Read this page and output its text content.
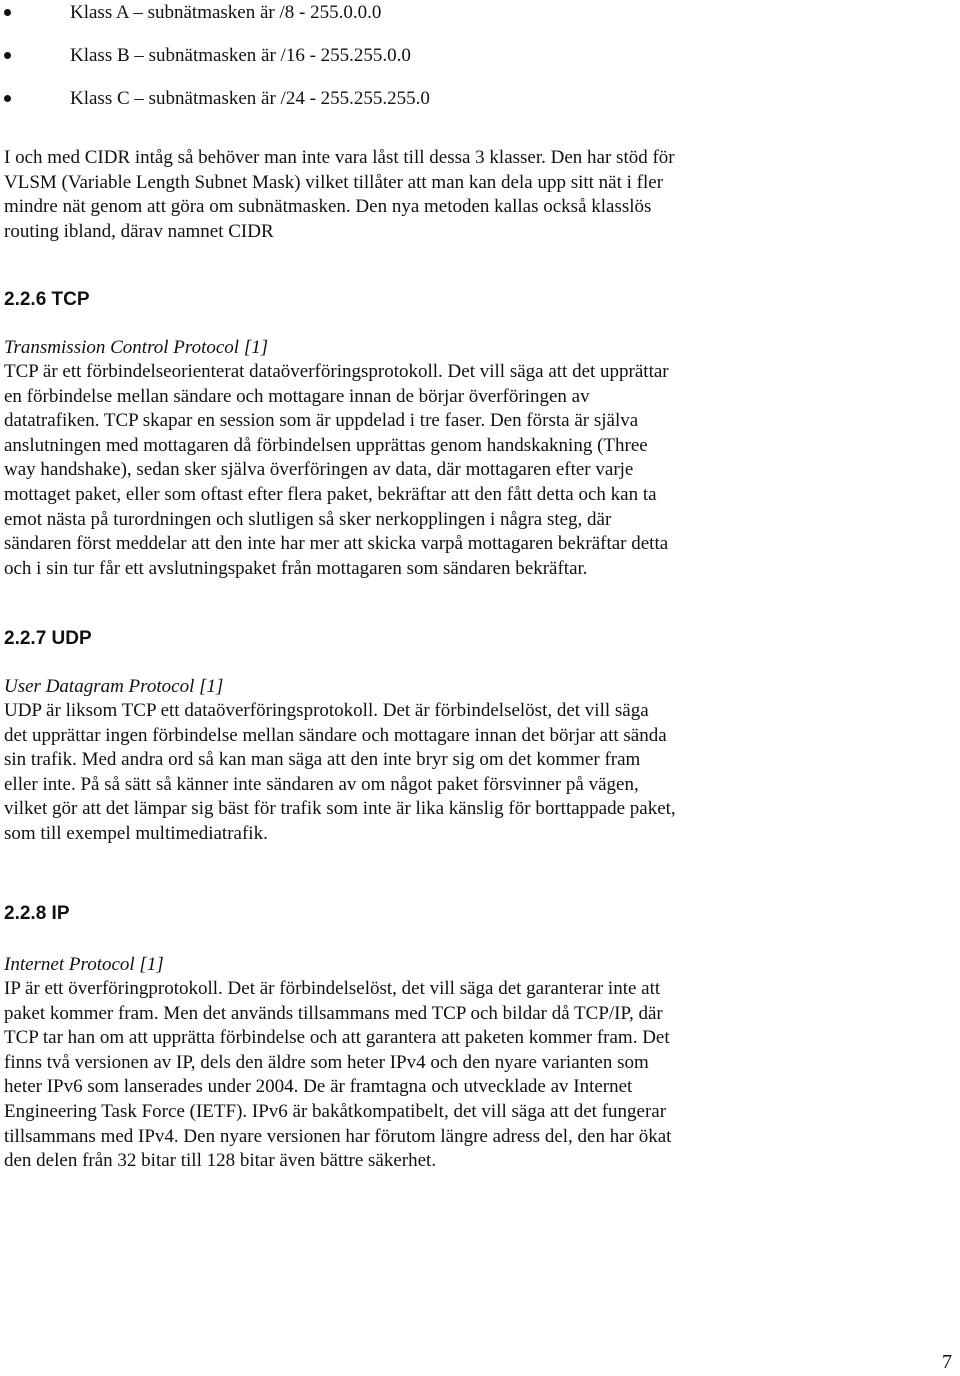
Klass A – subnätmasken är /8 - 255.0.0.0
Klass B – subnätmasken är /16 - 255.255.0.0
Klass C – subnätmasken är /24 - 255.255.255.0

I och med CIDR intåg så behöver man inte vara låst till dessa 3 klasser. Den har stöd för
VLSM (Variable Length Subnet Mask) vilket tillåter att man kan dela upp sitt nät i fler
mindre nät genom att göra om subnätmasken. Den nya metoden kallas också klasslös
routing ibland, därav namnet CIDR

2.2.6 TCP

Transmission Control Protocol [1]

TCP är ett förbindelseorienterat dataöverföringsprotokoll. Det vill säga att det upprättar
en förbindelse mellan sändare och mottagare innan de börjar överföringen av
datatrafiken. TCP skapar en session som är uppdelad i tre faser. Den första är själva
anslutningen med mottagaren då förbindelsen upprättas genom handskakning (Three
way handshake), sedan sker själva överföringen av data, där mottagaren efter varje
mottaget paket, eller som oftast efter flera paket, bekräftar att den fått detta och kan ta
emot nästa på turordningen och slutligen så sker nerkopplingen i några steg, där
sändaren först meddelar att den inte har mer att skicka varpå mottagaren bekräftar detta
och i sin tur får ett avslutningspaket från mottagaren som sändaren bekräftar.

2.2.7 UDP

User Datagram Protocol [1]

UDP är liksom TCP ett dataöverföringsprotokoll. Det är förbindelselöst, det vill säga
det upprättar ingen förbindelse mellan sändare och mottagare innan det börjar att sända
sin trafik. Med andra ord så kan man säga att den inte bryr sig om det kommer fram
eller inte. På så sätt så känner inte sändaren av om något paket försvinner på vägen,
vilket gör att det lämpar sig bäst för trafik som inte är lika känslig för borttappade paket,
som till exempel multimediatrafik.

2.2.8 IP

Internet Protocol [1]

IP är ett överföringprotokoll. Det är förbindelselöst, det vill säga det garanterar inte att
paket kommer fram. Men det används tillsammans med TCP och bildar då TCP/IP, där
TCP tar han om att upprätta förbindelse och att garantera att paketen kommer fram. Det
finns två versionen av IP, dels den äldre som heter IPv4 och den nyare varianten som
heter IPv6 som lanserades under 2004. De är framtagna och utvecklade av Internet
Engineering Task Force (IETF). IPv6 är bakåtkompatibelt, det vill säga att det fungerar
tillsammans med IPv4. Den nyare versionen har förutom längre adress del, den har ökat
den delen från 32 bitar till 128 bitar även bättre säkerhet.

7
